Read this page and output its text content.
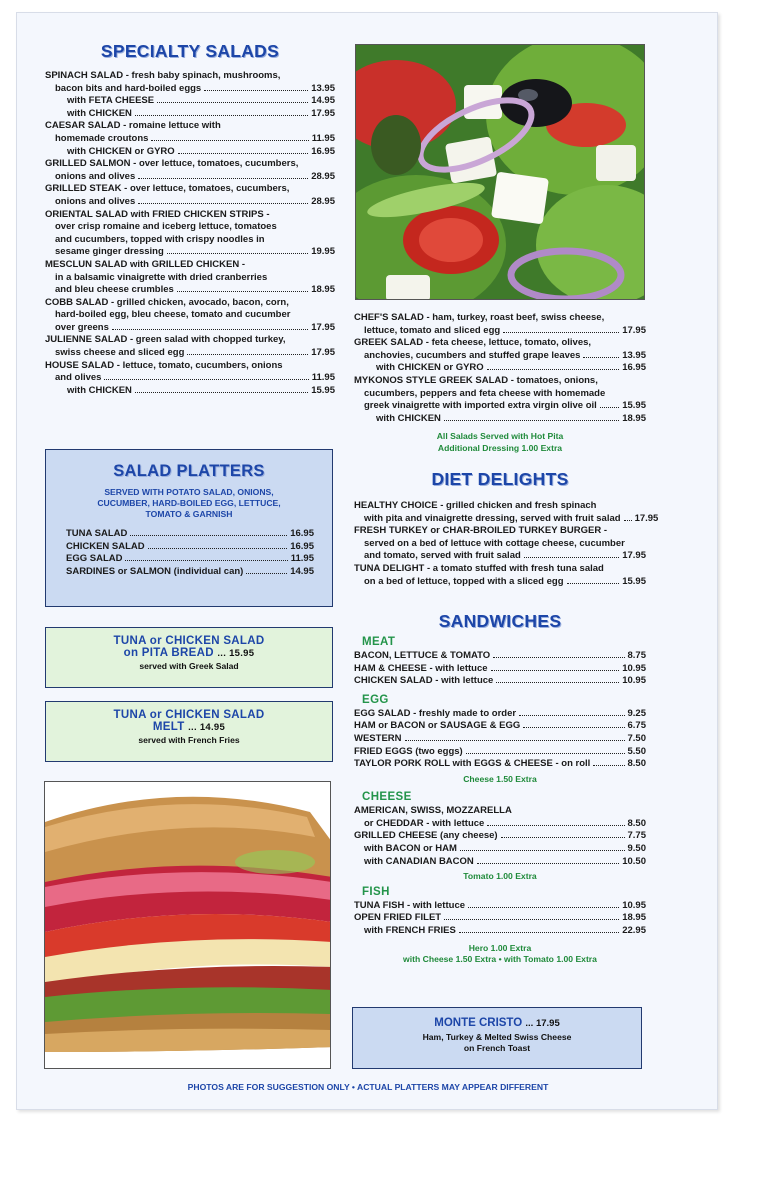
SPECIALTY SALADS
SPINACH SALAD - fresh baby spinach, mushrooms,
bacon bits and hard-boiled eggs	13.95
with FETA CHEESE	14.95
with CHICKEN	17.95
CAESAR SALAD - romaine lettuce with
homemade croutons	11.95
with CHICKEN or GYRO	16.95
GRILLED SALMON - over lettuce, tomatoes, cucumbers,
onions and olives	28.95
GRILLED STEAK - over lettuce, tomatoes, cucumbers,
onions and olives	28.95
ORIENTAL SALAD with FRIED CHICKEN STRIPS -
over crisp romaine and iceberg lettuce, tomatoes
and cucumbers, topped with crispy noodles in
sesame ginger dressing	19.95
MESCLUN SALAD with GRILLED CHICKEN -
in a balsamic vinaigrette with dried cranberries
and bleu cheese crumbles	18.95
COBB SALAD - grilled chicken, avocado, bacon, corn,
hard-boiled egg, bleu cheese, tomato and cucumber
over greens	17.95
JULIENNE SALAD - green salad with chopped turkey,
swiss cheese and sliced egg	17.95
HOUSE SALAD - lettuce, tomato, cucumbers, onions
and olives	11.95
with CHICKEN	15.95
CHEF'S SALAD - ham, turkey, roast beef, swiss cheese,
lettuce, tomato and sliced egg	17.95
GREEK SALAD - feta cheese, lettuce, tomato, olives,
anchovies, cucumbers and stuffed grape leaves	13.95
with CHICKEN or GYRO	16.95
MYKONOS STYLE GREEK SALAD - tomatoes, onions,
cucumbers, peppers and feta cheese with homemade
greek vinaigrette with imported extra virgin olive oil	15.95
with CHICKEN	18.95
All Salads Served with Hot Pita
Additional Dressing 1.00 Extra
SALAD PLATTERS
SERVED WITH POTATO SALAD, ONIONS,
CUCUMBER, HARD-BOILED EGG, LETTUCE,
TOMATO & GARNISH
TUNA SALAD	16.95
CHICKEN SALAD	16.95
EGG SALAD	11.95
SARDINES or SALMON (individual can)	14.95
TUNA or CHICKEN SALAD
on PITA BREAD ... 15.95
served with Greek Salad
TUNA or CHICKEN SALAD
MELT ... 14.95
served with French Fries
DIET DELIGHTS
HEALTHY CHOICE - grilled chicken and fresh spinach
with pita and vinaigrette dressing, served with fruit salad 17.95
FRESH TURKEY or CHAR-BROILED TURKEY BURGER -
served on a bed of lettuce with cottage cheese, cucumber
and tomato, served with fruit salad	17.95
TUNA DELIGHT - a tomato stuffed with fresh tuna salad
on a bed of lettuce, topped with a sliced egg	15.95
SANDWICHES
MEAT
BACON, LETTUCE & TOMATO	8.75
HAM & CHEESE - with lettuce	10.95
CHICKEN SALAD - with lettuce	10.95
EGG
EGG SALAD - freshly made to order	9.25
HAM or BACON or SAUSAGE & EGG	6.75
WESTERN	7.50
FRIED EGGS (two eggs)	5.50
TAYLOR PORK ROLL with EGGS & CHEESE - on roll	8.50
Cheese 1.50 Extra
CHEESE
AMERICAN, SWISS, MOZZARELLA
or CHEDDAR - with lettuce	8.50
GRILLED CHEESE (any cheese)	7.75
with BACON or HAM	9.50
with CANADIAN BACON	10.50
Tomato 1.00 Extra
FISH
TUNA FISH - with lettuce	10.95
OPEN FRIED FILET	18.95
with FRENCH FRIES	22.95
Hero 1.00 Extra
with Cheese 1.50 Extra • with Tomato 1.00 Extra
MONTE CRISTO ... 17.95
Ham, Turkey & Melted Swiss Cheese
on French Toast
PHOTOS ARE FOR SUGGESTION ONLY • ACTUAL PLATTERS MAY APPEAR DIFFERENT
